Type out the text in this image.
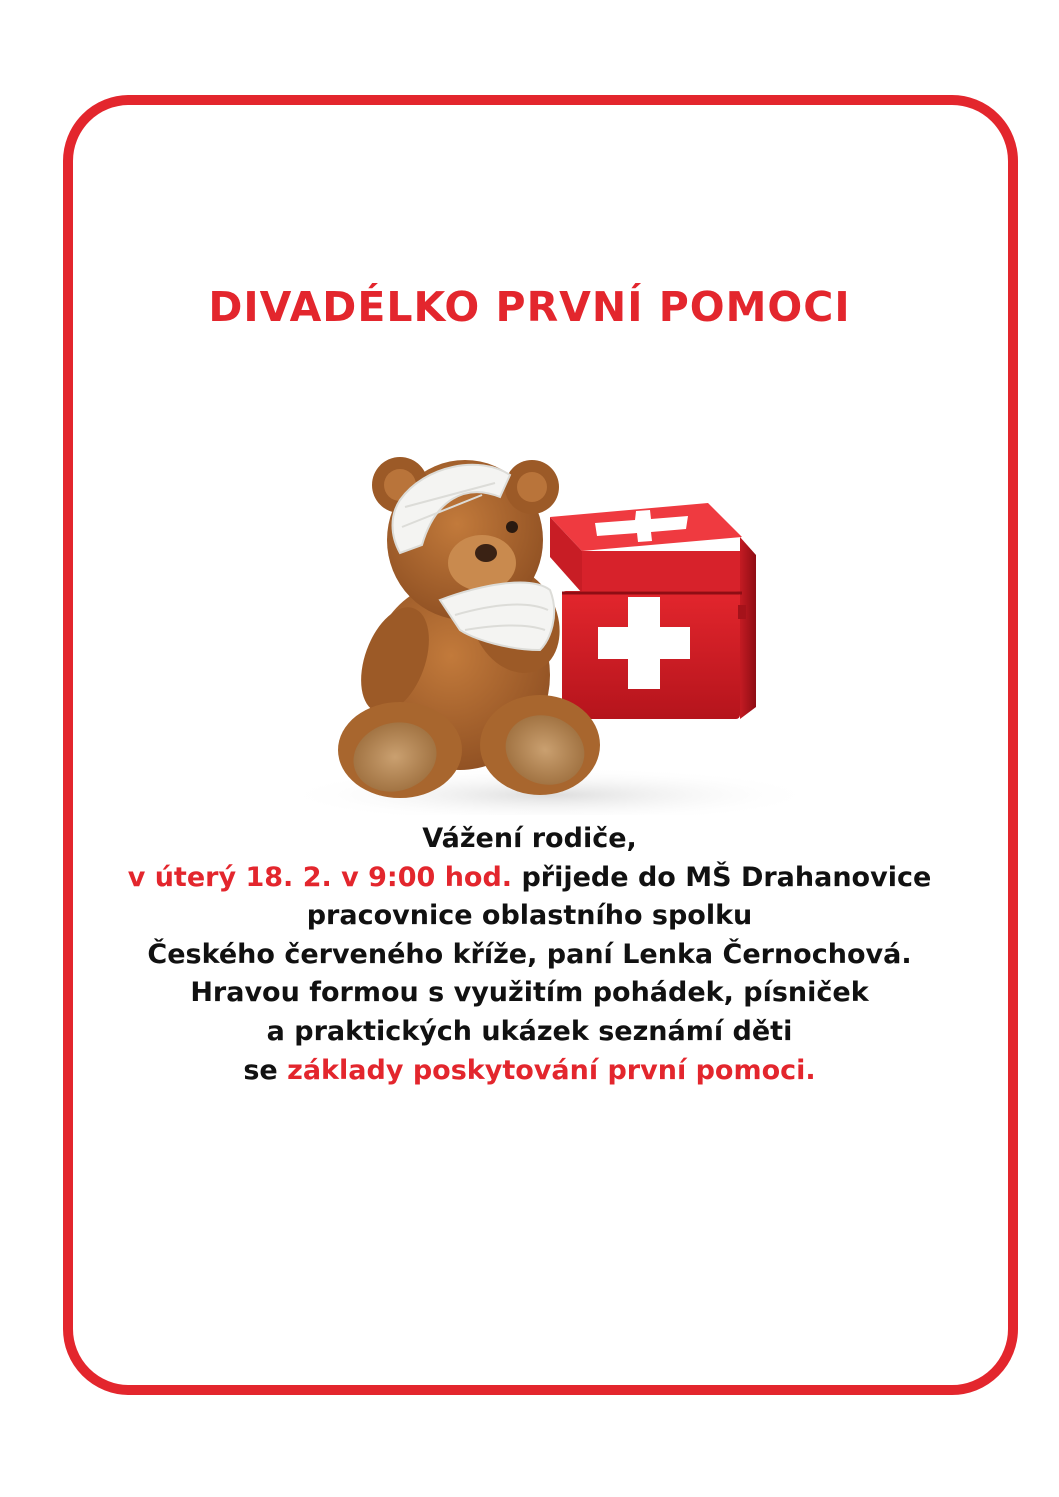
DIVADÉLKO PRVNÍ POMOCI
Vážení rodiče,
v úterý 18. 2. v 9:00 hod. přijede do MŠ Drahanovice
pracovnice oblastního spolku
Českého červeného kříže, paní Lenka Černochová.
Hravou formou s využitím pohádek, písniček
a praktických ukázek seznámí děti
se základy poskytování první pomoci.
